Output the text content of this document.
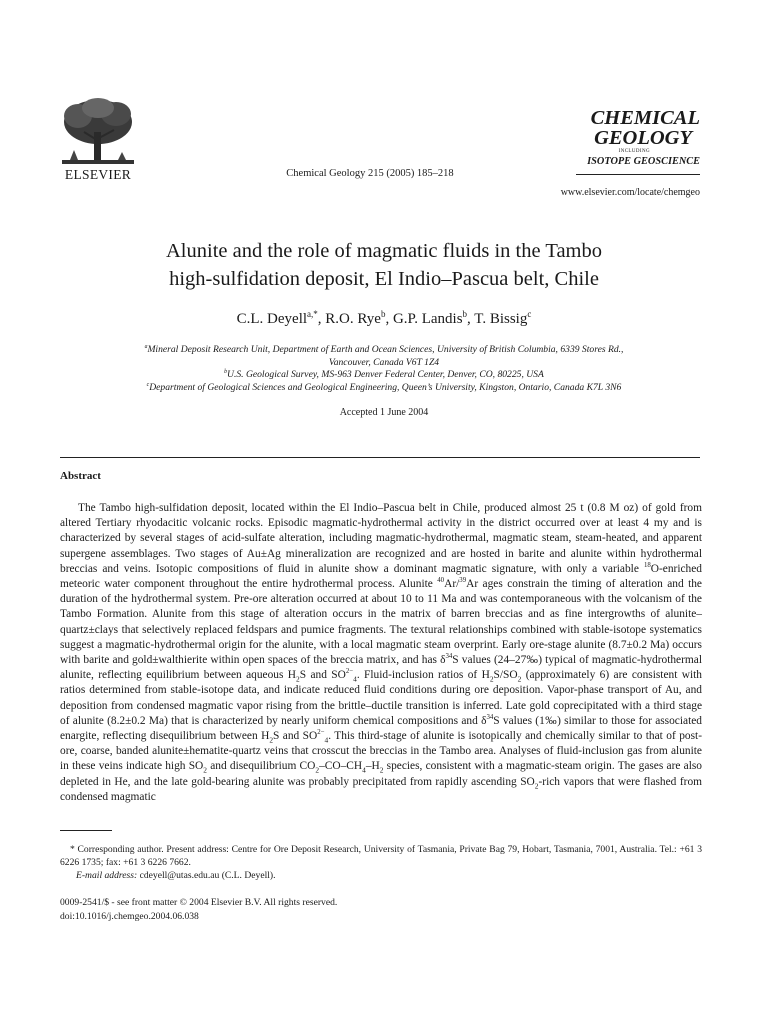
ELSEVIER	Chemical Geology 215 (2005) 185–218
CHEMICAL
GEOLOGY
INCLUDING
ISOTOPE GEOSCIENCE
www.elsevier.com/locate/chemgeo
Alunite and the role of magmatic fluids in the Tambo
high-sulfidation deposit, El Indio–Pascua belt, Chile
C.L. Deyell$^{a,*}$, R.O. Rye$^b$, G.P. Landis$^b$, T. Bissig$^c$
$^a$Mineral Deposit Research Unit, Department of Earth and Ocean Sciences, University of British Columbia, 6339 Stores Rd.,
Vancouver, Canada V6T 1Z4
$^b$U.S. Geological Survey, MS-963 Denver Federal Center, Denver, CO, 80225, USA
$^c$Department of Geological Sciences and Geological Engineering, Queen’s University, Kingston, Ontario, Canada K7L 3N6
Accepted 1 June 2004
Abstract

The Tambo high-sulfidation deposit, located within the El Indio–Pascua belt in Chile, produced almost 25 t (0.8 M oz) of gold from altered Tertiary rhyodacitic volcanic rocks. Episodic magmatic-hydrothermal activity in the district occurred over at least 4 my and is characterized by several stages of acid-sulfate alteration, including magmatic-hydrothermal, magmatic steam, steam-heated, and apparent supergene assemblages. Two stages of Au±Ag mineralization are recognized and are hosted in barite and alunite within hydrothermal breccias and veins. Isotopic compositions of fluid in alunite show a dominant magmatic signature, with only a variable $^{18}$O-enriched meteoric water component throughout the entire hydrothermal process. Alunite $^{40}$Ar/$^{39}$Ar ages constrain the timing of alteration and the duration of the hydrothermal system. Pre-ore alteration occurred at about 10 to 11 Ma and was contemporaneous with the volcanism of the Tambo Formation. Alunite from this stage of alteration occurs in the matrix of barren breccias and as fine intergrowths of alunite–quartz±clays that selectively replaced feldspars and pumice fragments. The textural relationships combined with stable-isotope systematics suggest a magmatic-hydrothermal origin for the alunite, with a local magmatic steam overprint. Early ore-stage alunite (8.7±0.2 Ma) occurs with barite and gold±walthierite within open spaces of the breccia matrix, and has $\delta^{34}S$ values (24–27‰) typical of magmatic-hydrothermal alunite, reflecting equilibrium between aqueous $H_2S$ and $SO^{2-}_4$. Fluid-inclusion ratios of $H_2S/SO_2$ (approximately 6) are consistent with ratios determined from stable-isotope data, and indicate reduced fluid conditions during ore deposition. Vapor-phase transport of Au, and deposition from condensed magmatic vapor rising from the brittle–ductile transition is inferred. Late gold coprecipitated with a third stage of alunite (8.2±0.2 Ma) that is characterized by nearly uniform chemical compositions and $\delta^{34}S$ values (1‰) similar to those for associated enargite, reflecting disequilibrium between $H_2S$ and $SO^{2-}_4$. This third-stage of alunite is isotopically and chemically similar to that of post-ore, coarse, banded alunite±hematite-quartz veins that crosscut the breccias in the Tambo area. Analyses of fluid-inclusion gas from alunite in these veins indicate high $SO_2$ and disequilibrium $CO_2-CO-CH_4-H_2$ species, consistent with a magmatic-steam origin. The gases are also depleted in He, and the late gold-bearing alunite was probably precipitated from rapidly ascending $SO_2$-rich vapors that were flashed from condensed magmatic

* Corresponding author. Present address: Centre for Ore Deposit Research, University of Tasmania, Private Bag 79, Hobart, Tasmania, 7001, Australia. Tel.: +61 3 6226 1735; fax: +61 3 6226 7662.

E-mail address: cdeyell@utas.edu.au (C.L. Deyell).

0009-2541/$ - see front matter © 2004 Elsevier B.V. All rights reserved.
doi:10.1016/j.chemgeo.2004.06.038
